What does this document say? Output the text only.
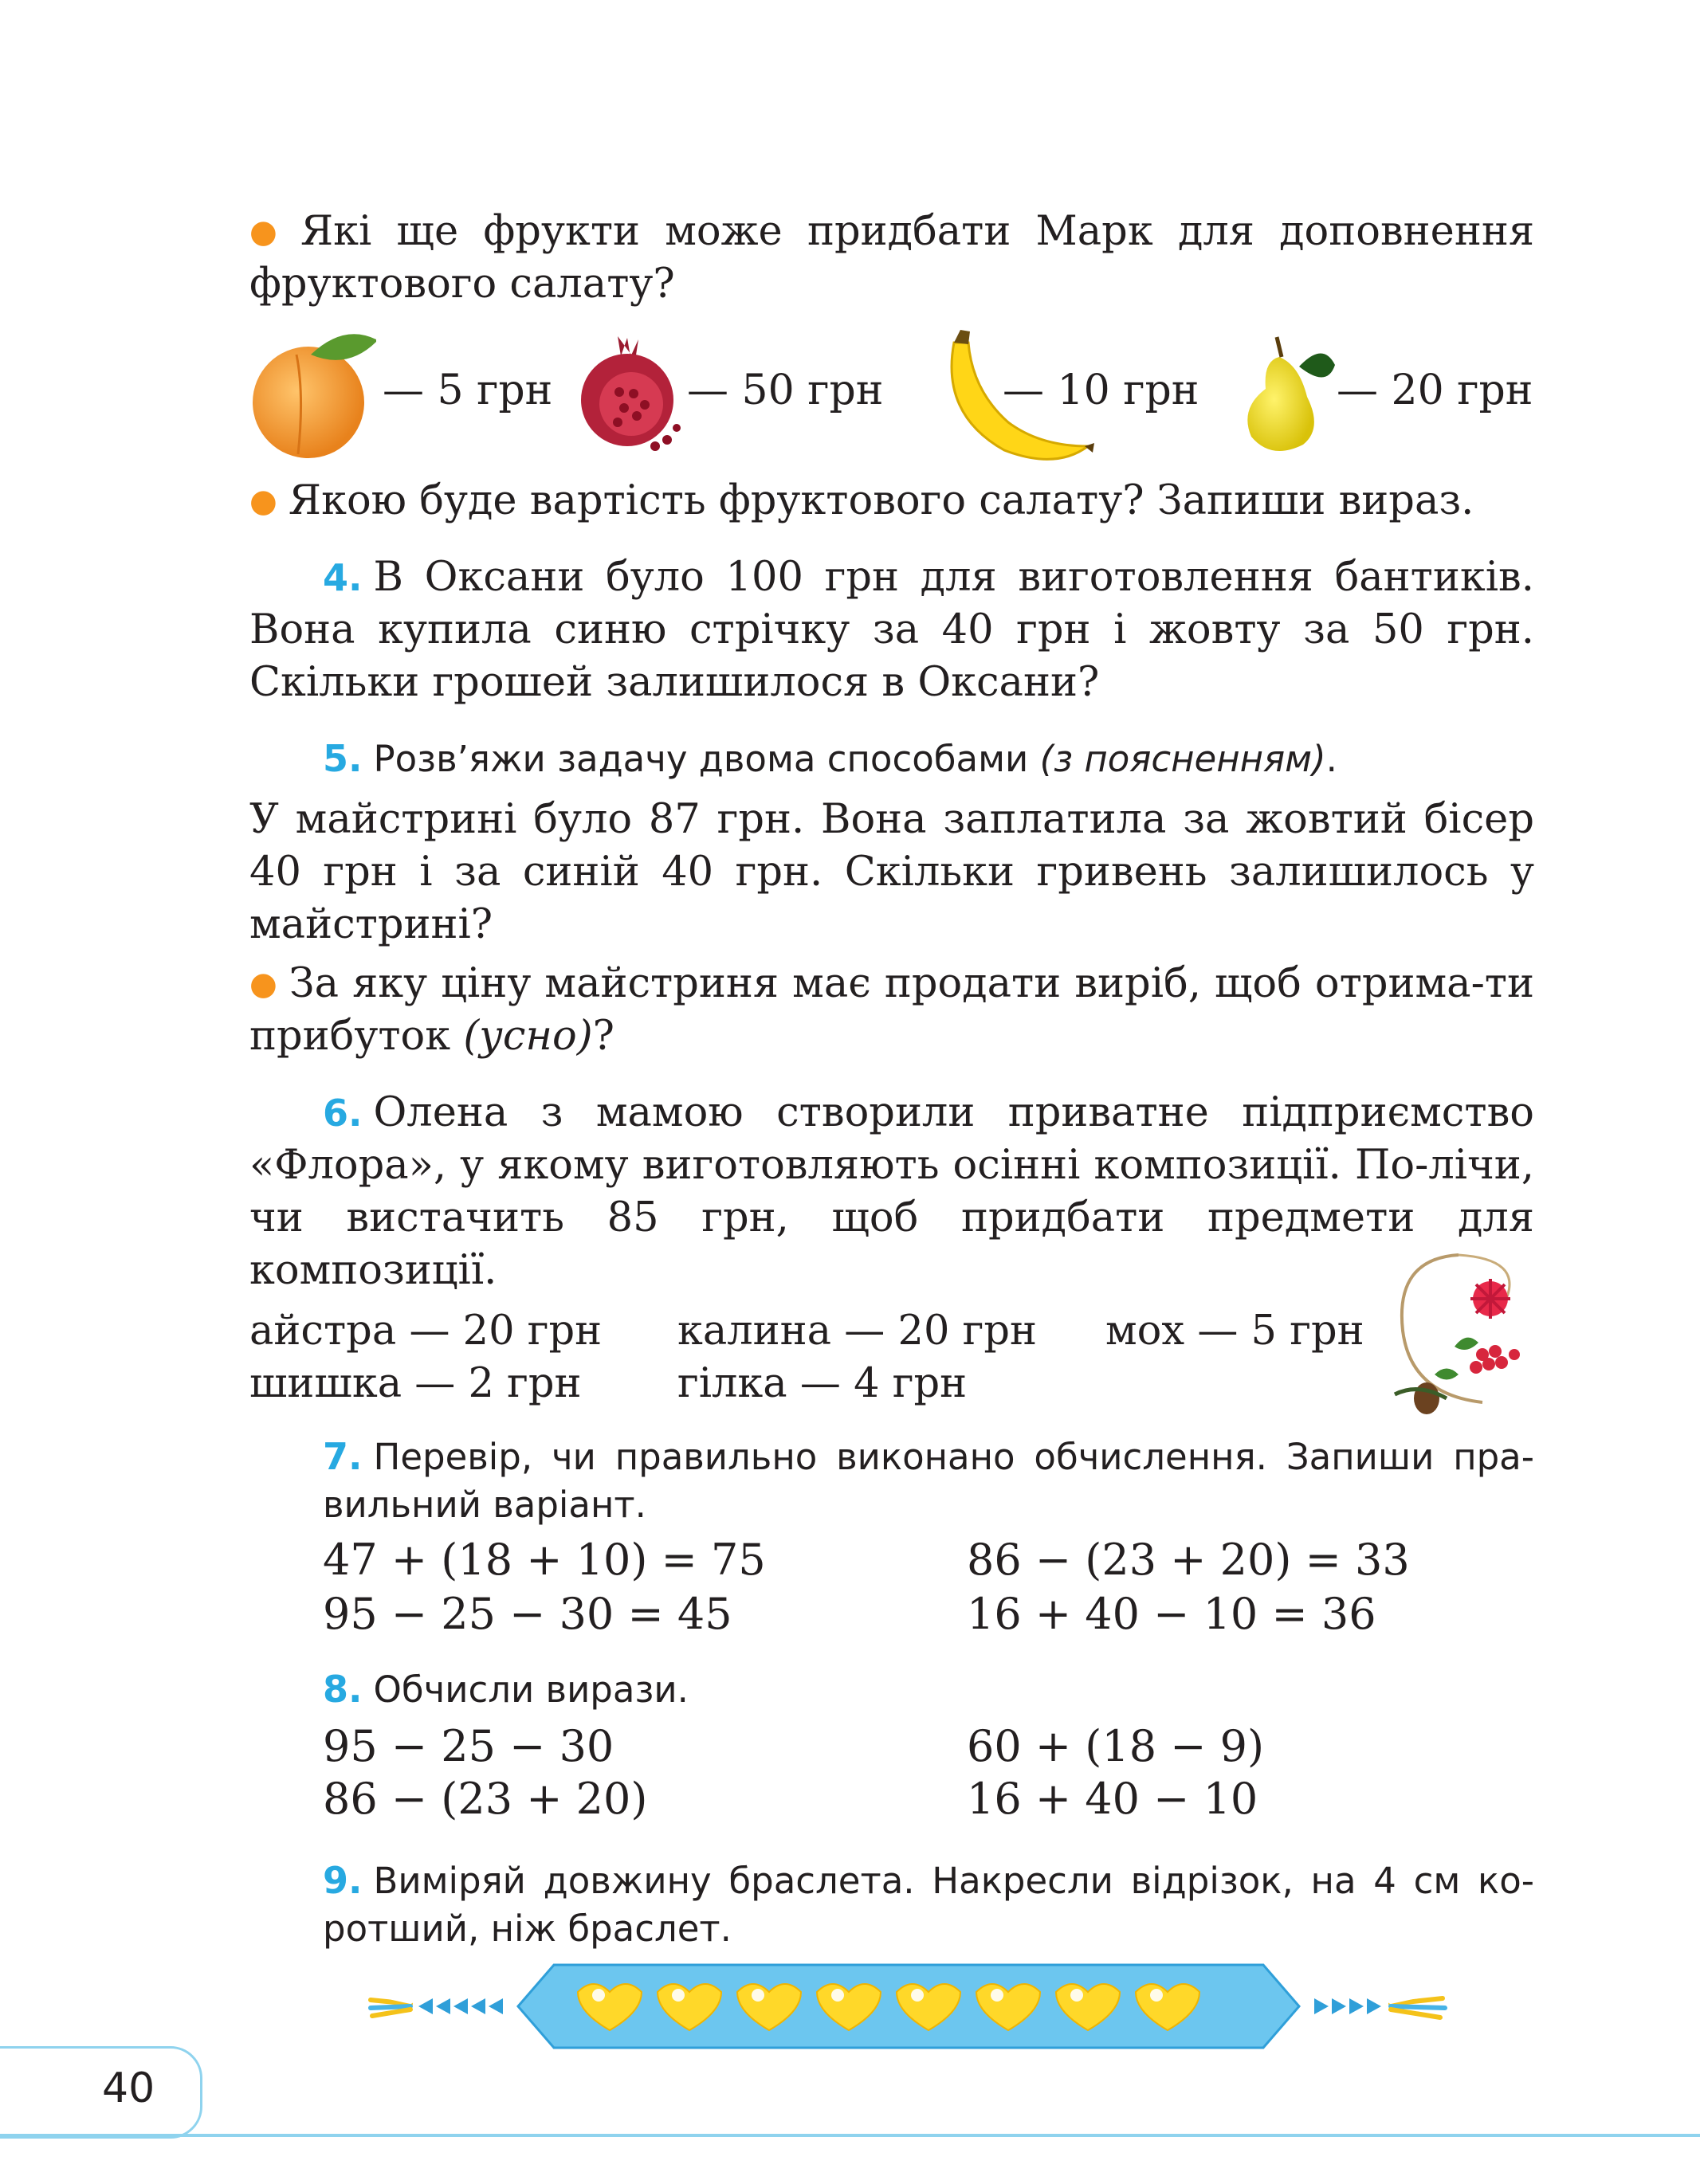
● Які ще фрукти може придбати Марк для доповнення фруктового салату?
— 5 грн	— 50 грн	— 10 грн	— 20 грн
● Якою буде вартість фруктового салату? Запиши вираз.
4. В Оксани було 100 грн для виготовлення бантиків. Вона купила синю стрічку за 40 грн і жовту за 50 грн. Скільки грошей залишилося в Оксани?
5. Розв’яжи задачу двома способами (з поясненням).
У майстрині було 87 грн. Вона заплатила за жовтий бісер 40 грн і за синій 40 грн. Скільки гривень залишилось у майстрині?
● За яку ціну майстриня має продати виріб, щоб отрима-ти прибуток (усно)?
6. Олена з мамою створили приватне підприємство «Флора», у якому виготовляють осінні композиції. По-лічи, чи вистачить 85 грн, щоб придбати предмети для композиції.
айстра — 20 грн калина — 20 грн мох — 5 грн
шишка — 2 грн гілка — 4 грн
7. Перевір, чи правильно виконано обчислення. Запиши пра-вильний варіант.
47 + (18 + 10) = 75	86 − (23 + 20) = 33
95 − 25 − 30 = 45	16 + 40 − 10 = 36
8. Обчисли вирази.
95 − 25 − 30	60 + (18 − 9)
86 − (23 + 20)	16 + 40 − 10
9. Виміряй довжину браслета. Накресли відрізок, на 4 см ко-ротший, ніж браслет.
40
